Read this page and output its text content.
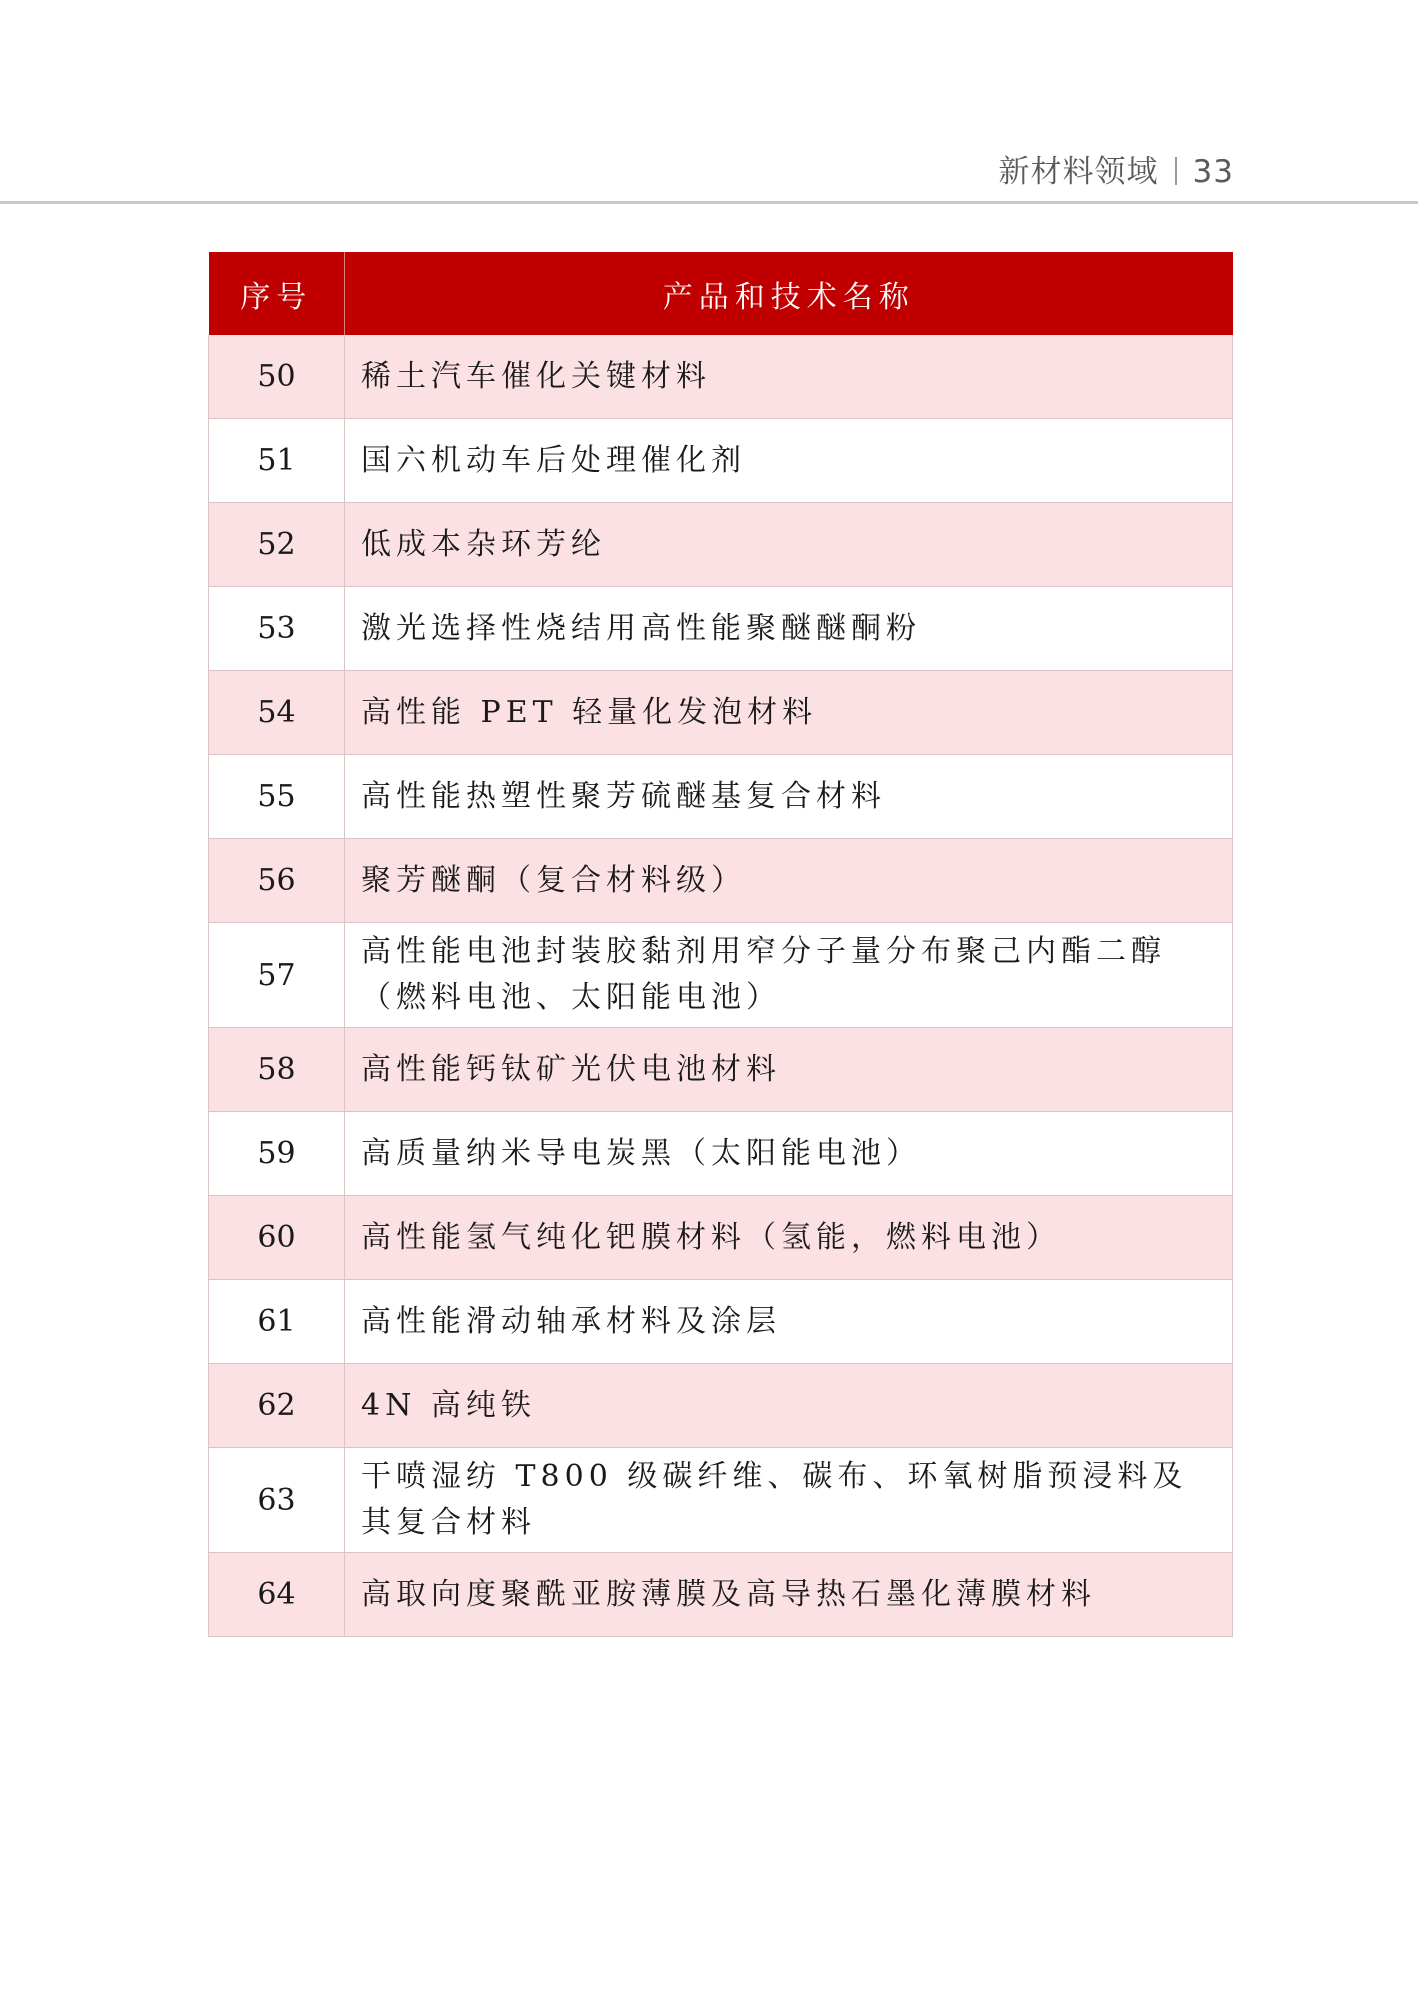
新材料领域 33
序号	产品和技术名称
50	稀土汽车催化关键材料
51	国六机动车后处理催化剂
52	低成本杂环芳纶
53	激光选择性烧结用高性能聚醚醚酮粉
54	高性能 PET 轻量化发泡材料
55	高性能热塑性聚芳硫醚基复合材料
56	聚芳醚酮（复合材料级）
57	高性能电池封装胶黏剂用窄分子量分布聚己内酯二醇（燃料电池、太阳能电池）
58	高性能钙钛矿光伏电池材料
59	高质量纳米导电炭黑（太阳能电池）
60	高性能氢气纯化钯膜材料（氢能，燃料电池）
61	高性能滑动轴承材料及涂层
62	4N 高纯铁
63	干喷湿纺 T800 级碳纤维、碳布、环氧树脂预浸料及其复合材料
64	高取向度聚酰亚胺薄膜及高导热石墨化薄膜材料
